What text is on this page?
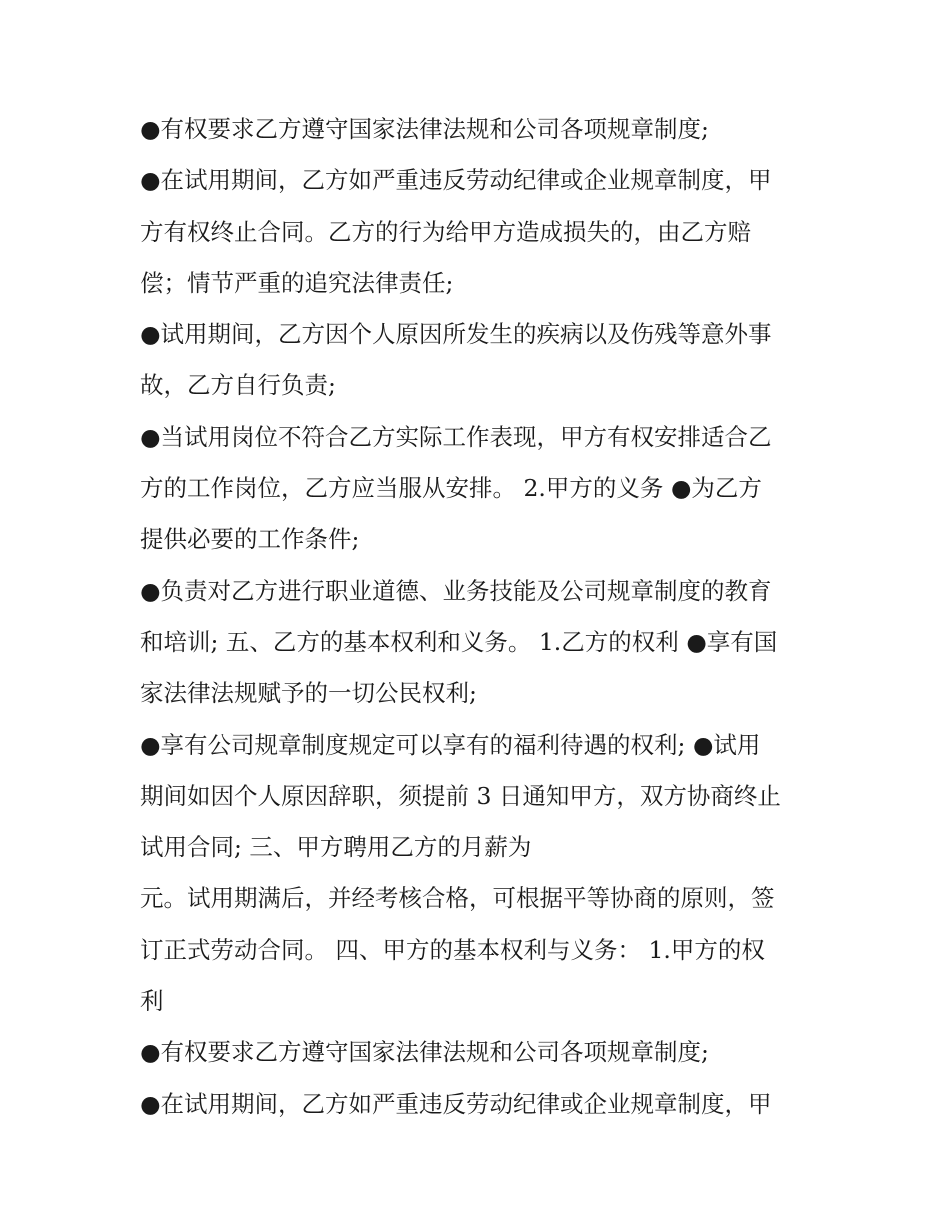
●有权要求乙方遵守国家法律法规和公司各项规章制度;
●在试用期间，乙方如严重违反劳动纪律或企业规章制度，甲
方有权终止合同。乙方的行为给甲方造成损失的，由乙方赔
偿；情节严重的追究法律责任;
●试用期间，乙方因个人原因所发生的疾病以及伤残等意外事
故，乙方自行负责;
●当试用岗位不符合乙方实际工作表现，甲方有权安排适合乙
方的工作岗位，乙方应当服从安排。 2.甲方的义务 ●为乙方
提供必要的工作条件;
●负责对乙方进行职业道德、业务技能及公司规章制度的教育
和培训; 五、乙方的基本权利和义务。 1.乙方的权利 ●享有国
家法律法规赋予的一切公民权利;
●享有公司规章制度规定可以享有的福利待遇的权利; ●试用
期间如因个人原因辞职，须提前 3 日通知甲方，双方协商终止
试用合同; 三、甲方聘用乙方的月薪为
元。试用期满后，并经考核合格，可根据平等协商的原则，签
订正式劳动合同。 四、甲方的基本权利与义务： 1.甲方的权
利
●有权要求乙方遵守国家法律法规和公司各项规章制度;
●在试用期间，乙方如严重违反劳动纪律或企业规章制度，甲
